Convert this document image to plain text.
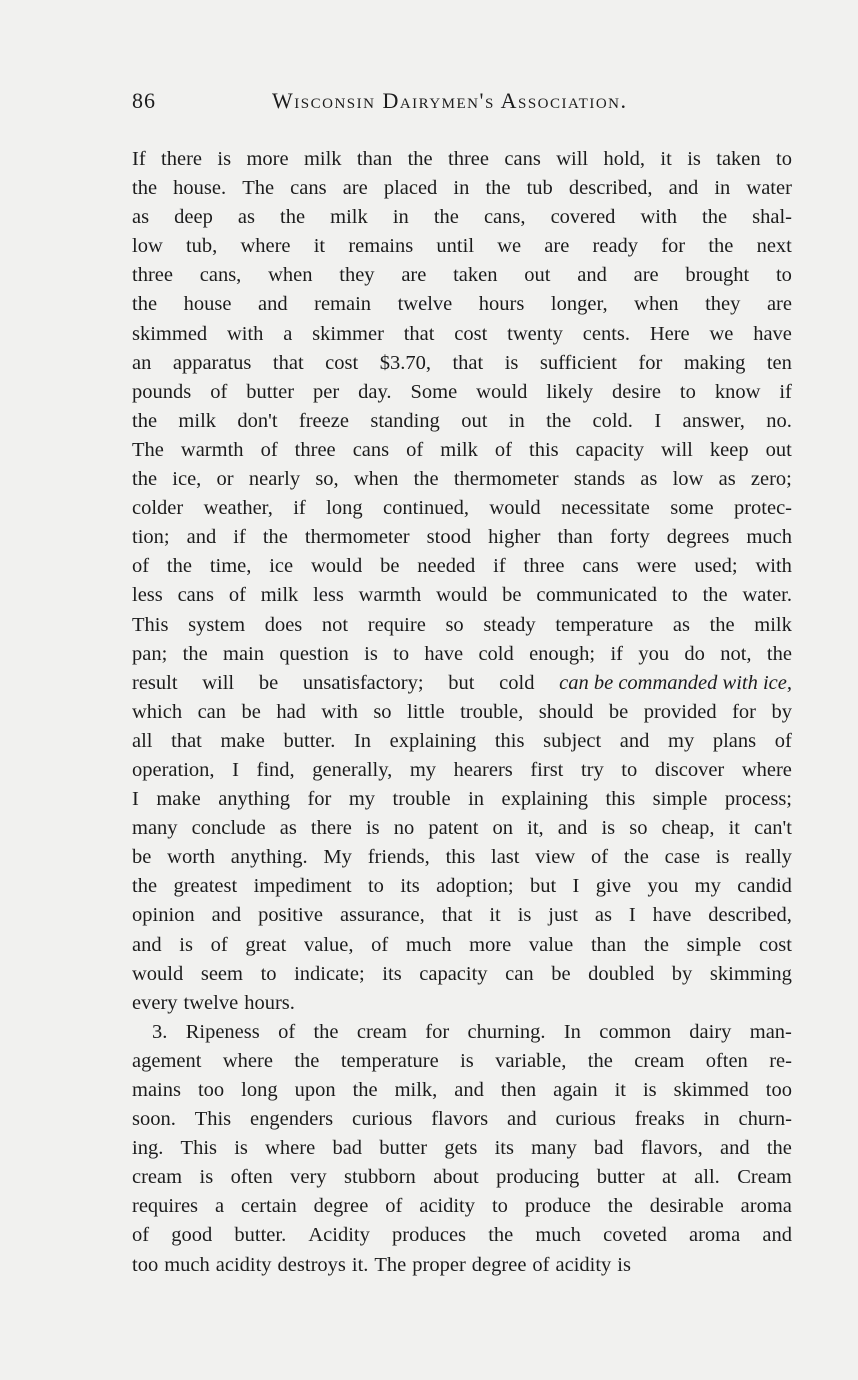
86	Wisconsin Dairymen's Association.
If there is more milk than the three cans will hold, it is taken to
the house. The cans are placed in the tub described, and in water
as deep as the milk in the cans, covered with the shal-
low tub, where it remains until we are ready for the next
three cans, when they are taken out and are brought to
the house and remain twelve hours longer, when they are
skimmed with a skimmer that cost twenty cents. Here we have
an apparatus that cost $3.70, that is sufficient for making ten
pounds of butter per day. Some would likely desire to know if
the milk don't freeze standing out in the cold. I answer, no.
The warmth of three cans of milk of this capacity will keep out
the ice, or nearly so, when the thermometer stands as low as zero;
colder weather, if long continued, would necessitate some protec-
tion; and if the thermometer stood higher than forty degrees much
of the time, ice would be needed if three cans were used; with
less cans of milk less warmth would be communicated to the water.
This system does not require so steady temperature as the milk
pan; the main question is to have cold enough; if you do not, the
result will be unsatisfactory; but cold can be commanded with ice,
which can be had with so little trouble, should be provided for by
all that make butter. In explaining this subject and my plans of
operation, I find, generally, my hearers first try to discover where
I make anything for my trouble in explaining this simple process;
many conclude as there is no patent on it, and is so cheap, it can't
be worth anything. My friends, this last view of the case is really
the greatest impediment to its adoption; but I give you my candid
opinion and positive assurance, that it is just as I have described,
and is of great value, of much more value than the simple cost
would seem to indicate; its capacity can be doubled by skimming
every twelve hours.
3. Ripeness of the cream for churning. In common dairy man-
agement where the temperature is variable, the cream often re-
mains too long upon the milk, and then again it is skimmed too
soon. This engenders curious flavors and curious freaks in churn-
ing. This is where bad butter gets its many bad flavors, and the
cream is often very stubborn about producing butter at all. Cream
requires a certain degree of acidity to produce the desirable aroma
of good butter. Acidity produces the much coveted aroma and
too much acidity destroys it. The proper degree of acidity is
